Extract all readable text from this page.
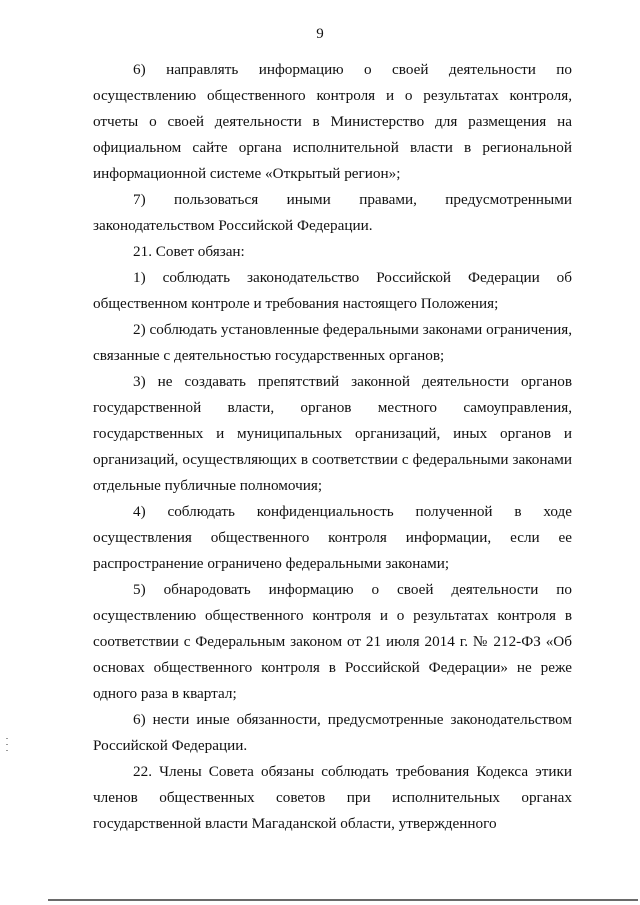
9

6) направлять информацию о своей деятельности по осуществлению общественного контроля и о результатах контроля, отчеты о своей деятельности в Министерство для размещения на официальном сайте органа исполнительной власти в региональной информационной системе «Открытый регион»;

7) пользоваться иными правами, предусмотренными законодательством Российской Федерации.

21. Совет обязан:

1) соблюдать законодательство Российской Федерации об общественном контроле и требования настоящего Положения;

2) соблюдать установленные федеральными законами ограничения, связанные с деятельностью государственных органов;

3) не создавать препятствий законной деятельности органов государственной власти, органов местного самоуправления, государственных и муниципальных организаций, иных органов и организаций, осуществляющих в соответствии с федеральными законами отдельные публичные полномочия;

4) соблюдать конфиденциальность полученной в ходе осуществления общественного контроля информации, если ее распространение ограничено федеральными законами;

5) обнародовать информацию о своей деятельности по осуществлению общественного контроля и о результатах контроля в соответствии с Федеральным законом от 21 июля 2014 г. № 212-ФЗ «Об основах общественного контроля в Российской Федерации» не реже одного раза в квартал;

6) нести иные обязанности, предусмотренные законодательством Российской Федерации.

22. Члены Совета обязаны соблюдать требования Кодекса этики членов общественных советов при исполнительных органах государственной власти Магаданской области, утвержденного
